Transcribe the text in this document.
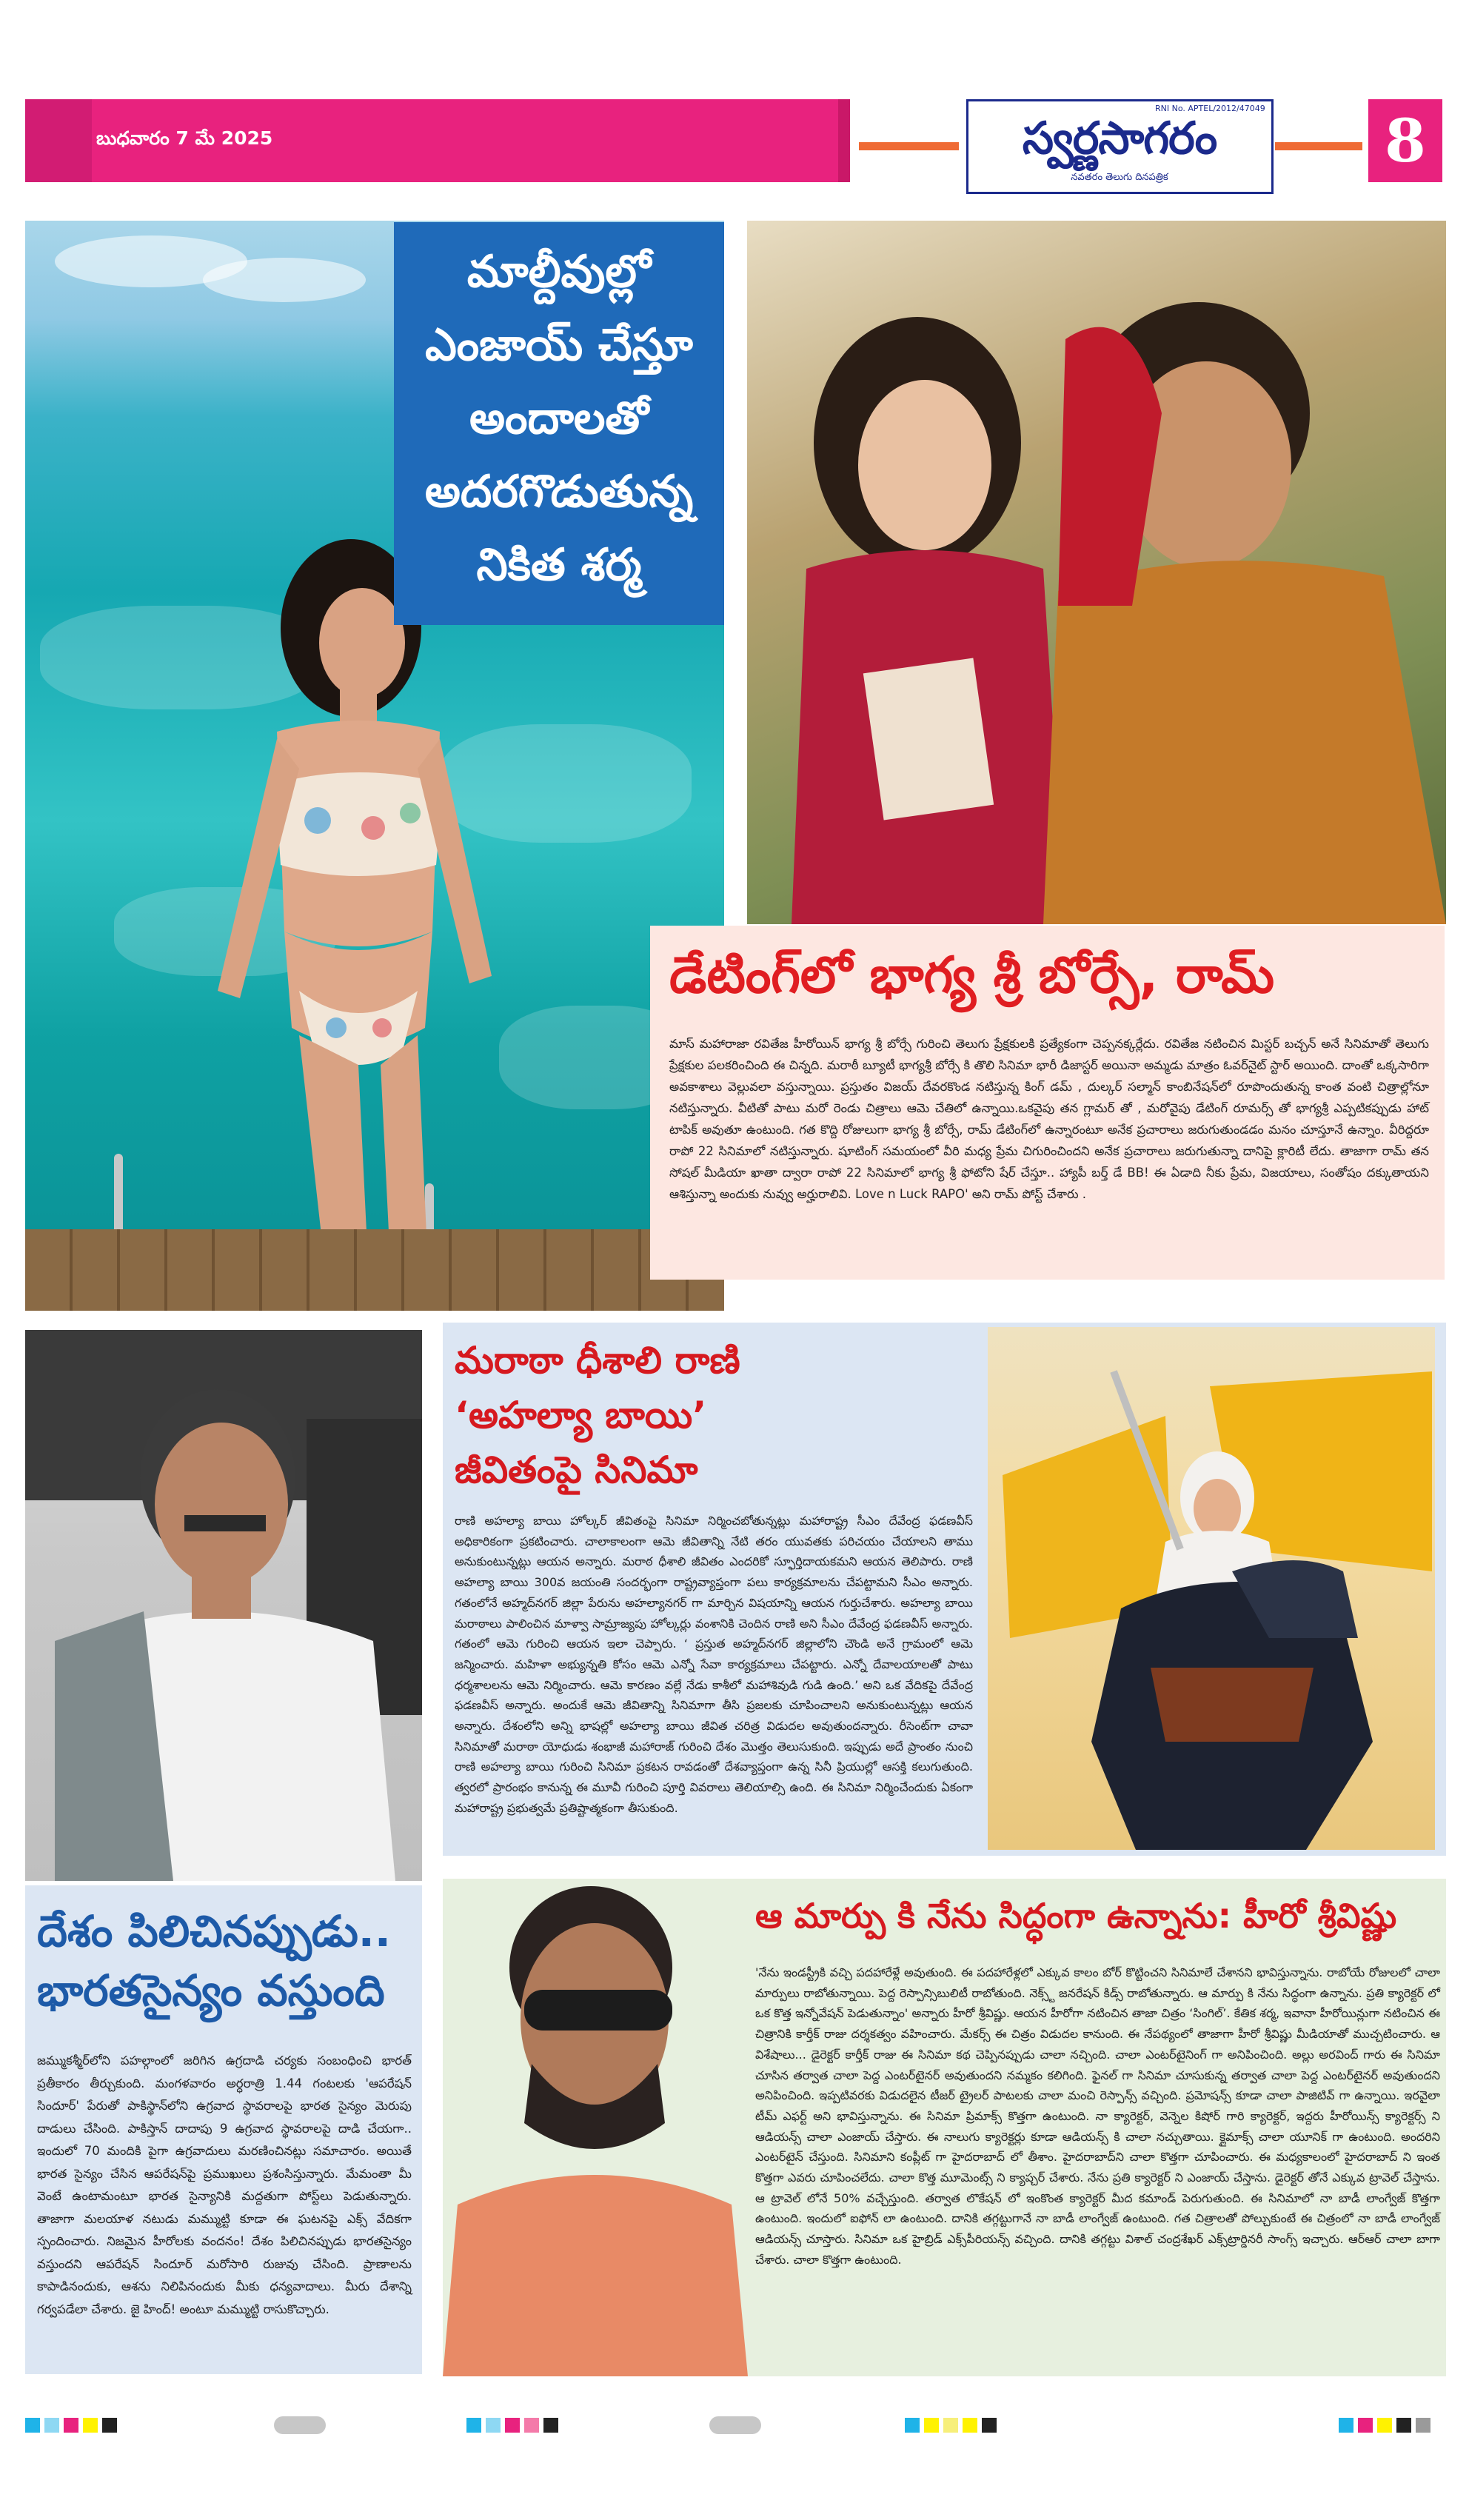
బుధవారం 7 మే 2025
RNI No. APTEL/2012/47049
స్వర్ణసాగరం
నవతరం తెలుగు దినపత్రిక
8
మాల్దీవుల్లో
ఎంజాయ్ చేస్తూ
అందాలతో
అదరగొడుతున్న
నికిత శర్మ
డేటింగ్‌లో భాగ్య శ్రీ బోర్సే, రామ్
మాస్ మహారాజా రవితేజ హీరోయిన్ భాగ్య శ్రీ బోర్సే గురించి తెలుగు ప్రేక్షకులకి ప్రత్యేకంగా చెప్పనక్కర్లేదు. రవితేజ నటించిన మిస్టర్ బచ్చన్ అనే సినిమాతో తెలుగు ప్రేక్షకుల పలకరించింది ఈ చిన్నది. మరాఠీ బ్యూటీ భాగ్యశ్రీ బోర్సే కి తొలి సినిమా భారీ డిజాస్టర్ అయినా అమ్మడు మాత్రం ఓవర్‌నైట్ స్టార్ అయింది. దాంతో ఒక్కసారిగా అవకాశాలు వెల్లువలా వస్తున్నాయి. ప్రస్తుతం విజయ్ దేవరకొండ నటిస్తున్న కింగ్ డమ్ , దుల్కర్ సల్మాన్ కాంబినేషన్‌లో రూపొందుతున్న కాంత వంటి చిత్రాల్లోనూ నటిస్తున్నారు. వీటితో పాటు మరో రెండు చిత్రాలు ఆమె చేతిలో ఉన్నాయి.ఒకవైపు తన గ్లామర్ తో , మరోవైపు డేటింగ్ రూమర్స్ తో భాగ్యశ్రీ ఎప్పటికప్పుడు హాట్ టాపిక్ అవుతూ ఉంటుంది. గత కొద్ది రోజులుగా భాగ్య శ్రీ బోర్సే, రామ్ డేటింగ్‌లో ఉన్నారంటూ అనేక ప్రచారాలు జరుగుతుండడం మనం చూస్తూనే ఉన్నాం. వీరిద్దరూ రాపో 22 సినిమాలో నటిస్తున్నారు. షూటింగ్ సమయంలో వీరి మధ్య ప్రేమ చిగురించిందని అనేక ప్రచారాలు జరుగుతున్నా దానిపై క్లారిటీ లేదు. తాజాగా రామ్ తన సోషల్ మీడియా ఖాతా ద్వారా రాపో 22 సినిమాలో భాగ్య శ్రీ ఫోటోని షేర్ చేస్తూ.. హ్యాపీ బర్త్ డే BB! ఈ ఏడాది నీకు ప్రేమ, విజయాలు, సంతోషం దక్కుతాయని ఆశిస్తున్నా అందుకు నువ్వు అర్హురాలివి. Love n Luck RAPO' అని రామ్ పోస్ట్ చేశారు .
దేశం పిలిచినప్పుడు..
భారతసైన్యం వస్తుంది
జమ్ముకశ్మీర్‌లోని పహల్గాంలో జరిగిన ఉగ్రదాడి చర్యకు సంబంధించి భారత్ ప్రతీకారం తీర్చుకుంది. మంగళవారం అర్ధరాత్రి 1.44 గంటలకు 'ఆపరేషన్ సిందూర్' పేరుతో పాకిస్థాన్‌లోని ఉగ్రవాద స్థావరాలపై భారత సైన్యం మెరుపు దాడులు చేసింది. పాకిస్తాన్ దాదాపు 9 ఉగ్రవాద స్థావరాలపై దాడి చేయగా.. ఇందులో 70 మందికి పైగా ఉగ్రవాదులు మరణించినట్లు సమాచారం. అయితే భారత సైన్యం చేసిన ఆపరేషన్‌పై ప్రముఖులు ప్రశంసిస్తున్నారు. మేమంతా మీ వెంటే ఉంటామంటూ భారత సైన్యానికి మద్దతుగా పోస్ట్‌లు పెడుతున్నారు. తాజాగా మలయాళ నటుడు మమ్ముట్టి కూడా ఈ ఘటనపై ఎక్స్ వేదికగా స్పందించారు. నిజమైన హీరోలకు వందనం! దేశం పిలిచినప్పుడు భారతసైన్యం వస్తుందని ఆపరేషన్ సిందూర్ మరోసారి రుజువు చేసింది. ప్రాణాలను కాపాడినందుకు, ఆశను నిలిపినందుకు మీకు ధన్యవాదాలు. మీరు దేశాన్ని గర్వపడేలా చేశారు. జై హింద్! అంటూ మమ్ముట్టి రాసుకొచ్చారు.
మరాఠా ధీశాలి రాణి
‘అహల్యా బాయి’
జీవితంపై సినిమా
రాణి అహల్యా బాయి హోల్కర్ జీవితంపై సినిమా నిర్మించబోతున్నట్లు మహారాష్ట్ర సీఎం దేవేంద్ర ఫడణవీస్ అధికారికంగా ప్రకటించారు. చాలాకాలంగా ఆమె జీవితాన్ని నేటి తరం యువతకు పరిచయం చేయాలని తాము అనుకుంటున్నట్లు ఆయన అన్నారు. మరాఠ ధీశాలి జీవితం ఎందరికో స్ఫూర్తిదాయకమని ఆయన తెలిపారు. రాణి అహల్యా బాయి 300వ జయంతి సందర్భంగా రాష్ట్రవ్యాప్తంగా పలు కార్యక్రమాలను చేపట్టామని సీఎం అన్నారు. గతంలోనే అహ్మద్‌నగర్ జిల్లా పేరును అహల్యానగర్ గా మార్చిన విషయాన్ని ఆయన గుర్తుచేశారు. అహల్యా బాయి మరాఠాలు పాలించిన మాళ్వా సామ్రాజ్యపు హోల్కర్లు వంశానికి చెందిన రాణి అని సీఎం దేవేంద్ర ఫడణవీస్ అన్నారు. గతంలో ఆమె గురించి ఆయన ఇలా చెప్పారు. ‘ ప్రస్తుత అహ్మద్‌నగర్ జిల్లాలోని చౌండి అనే గ్రామంలో ఆమె జన్మించారు. మహిళా అభ్యున్నతి కోసం ఆమె ఎన్నో సేవా కార్యక్రమాలు చేపట్టారు. ఎన్నో దేవాలయాలతో పాటు ధర్మశాలలను ఆమె నిర్మించారు. ఆమె కారణం వల్లే నేడు కాశీలో మహాశివుడి గుడి ఉంది.’ అని ఒక వేదికపై దేవేంద్ర ఫడణవీస్ అన్నారు. అందుకే ఆమె జీవితాన్ని సినిమాగా తీసి ప్రజలకు చూపించాలని అనుకుంటున్నట్లు ఆయన అన్నారు. దేశంలోని అన్ని భాషల్లో అహల్యా బాయి జీవిత చరిత్ర విడుదల అవుతుందన్నారు. రీసెంట్‌గా చావా సినిమాతో మరాఠా యోధుడు శంభాజీ మహారాజ్ గురించి దేశం మొత్తం తెలుసుకుంది. ఇప్పుడు అదే ప్రాంతం నుంచి రాణి అహల్యా బాయి గురించి సినిమా ప్రకటన రావడంతో దేశవ్యాప్తంగా ఉన్న సినీ ప్రియుల్లో ఆసక్తి కలుగుతుంది. త్వరలో ప్రారంభం కానున్న ఈ మూవీ గురించి పూర్తి వివరాలు తెలియాల్సి ఉంది. ఈ సినిమా నిర్మించేందుకు ఏకంగా మహారాష్ట్ర ప్రభుత్వమే ప్రతిష్టాత్మకంగా తీసుకుంది.
ఆ మార్పు కి నేను సిద్ధంగా ఉన్నాను: హీరో శ్రీవిష్ణు
'నేను ఇండస్ట్రీకి వచ్చి పదహారేళ్లే అవుతుంది. ఈ పదహారేళ్లలో ఎక్కువ కాలం బోర్ కొట్టించని సినిమాలే చేశానని భావిస్తున్నాను. రాబోయే రోజులలో చాలా మార్పులు రాబోతున్నాయి. పెద్ద రెస్పాన్సిబులిటీ రాబోతుంది. నెక్స్ట్ జనరేషన్ కిడ్స్ రాబోతున్నారు. ఆ మార్పు కి నేను సిద్ధంగా ఉన్నాను. ప్రతి క్యారెక్టర్ లో ఒక కొత్త ఇన్నోవేషన్ పెడుతున్నాం' అన్నారు హీరో శ్రీవిష్ణు. ఆయన హీరోగా నటించిన తాజా చిత్రం ‘సింగిల్’. కేతిక శర్మ, ఇవానా హీరోయిన్లుగా నటించిన ఈ చిత్రానికి కార్తీక్ రాజు దర్శకత్వం వహించారు. మేకర్స్ ఈ చిత్రం విడుదల కానుంది. ఈ నేపథ్యంలో తాజాగా హీరో శ్రీవిష్ణు మీడియాతో ముచ్చటించారు. ఆ విశేషాలు... డైరెక్టర్ కార్తీక్ రాజు ఈ సినిమా కథ చెప్పినప్పుడు చాలా నచ్చింది. చాలా ఎంటర్‌టైనింగ్ గా అనిపించింది. అల్లు అరవింద్ గారు ఈ సినిమా చూసిన తర్వాత చాలా పెద్ద ఎంటర్‌టైనర్ అవుతుందని నమ్మకం కలిగింది. ఫైనల్ గా సినిమా చూసుకున్న తర్వాత చాలా పెద్ద ఎంటర్‌టైనర్ అవుతుందని అనిపించింది. ఇప్పటివరకు విడుదలైన టీజర్ ట్రైలర్ పాటలకు చాలా మంచి రెస్పాన్స్ వచ్చింది. ప్రమోషన్స్ కూడా చాలా పాజిటివ్ గా ఉన్నాయి. ఇరవైలా టీమ్ ఎఫర్ట్ అని భావిస్తున్నాను. ఈ సినిమా ప్రిమాక్స్ కొత్తగా ఉంటుంది. నా క్యారెక్టర్, వెన్నెల కిషోర్ గారి క్యారెక్టర్, ఇద్దరు హీరోయిన్స్ క్యారెక్టర్స్ ని ఆడియన్స్ చాలా ఎంజాయ్ చేస్తారు. ఈ నాలుగు క్యారెక్టర్లు కూడా ఆడియన్స్ కి చాలా నచ్చుతాయి. క్లైమాక్స్ చాలా యూనిక్ గా ఉంటుంది. అందరిని ఎంటర్‌టైన్ చేస్తుంది. సినిమాని కంప్లీట్ గా హైదరాబాద్ లో తీశాం. హైదరాబాద్‌ని చాలా కొత్తగా చూపించారు. ఈ మధ్యకాలంలో హైదరాబాద్ ని ఇంత కొత్తగా ఎవరు చూపించలేదు. చాలా కొత్త మూమెంట్స్ ని క్యాప్చర్ చేశారు. నేను ప్రతి క్యారెక్టర్ ని ఎంజాయ్ చేస్తాను. డైరెక్టర్ తోనే ఎక్కువ ట్రావెల్ చేస్తాను. ఆ ట్రావెల్ లోనే 50% వచ్చేస్తుంది. తర్వాత లొకేషన్ లో ఇంకొంత క్యారెక్టర్ మీద కమాండ్ పెరుగుతుంది. ఈ సినిమాలో నా బాడీ లాంగ్వేజ్ కొత్తగా ఉంటుంది. ఇందులో ఐఫోన్ లా ఉంటుంది. దానికి తగ్గట్టుగానే నా బాడీ లాంగ్వేజ్ ఉంటుంది. గత చిత్రాలతో పోల్చుకుంటే ఈ చిత్రంలో నా బాడీ లాంగ్వేజ్ ఆడియన్స్ చూస్తారు. సినిమా ఒక హైబ్రిడ్ ఎక్స్‌పీరియన్స్ వచ్చింది. దానికి తగ్గట్టు విశాల్ చంద్రశేఖర్ ఎక్స్‌ట్రార్డినరీ సాంగ్స్ ఇచ్చారు. ఆర్‌ఆర్ చాలా బాగా చేశారు. చాలా కొత్తగా ఉంటుంది.
